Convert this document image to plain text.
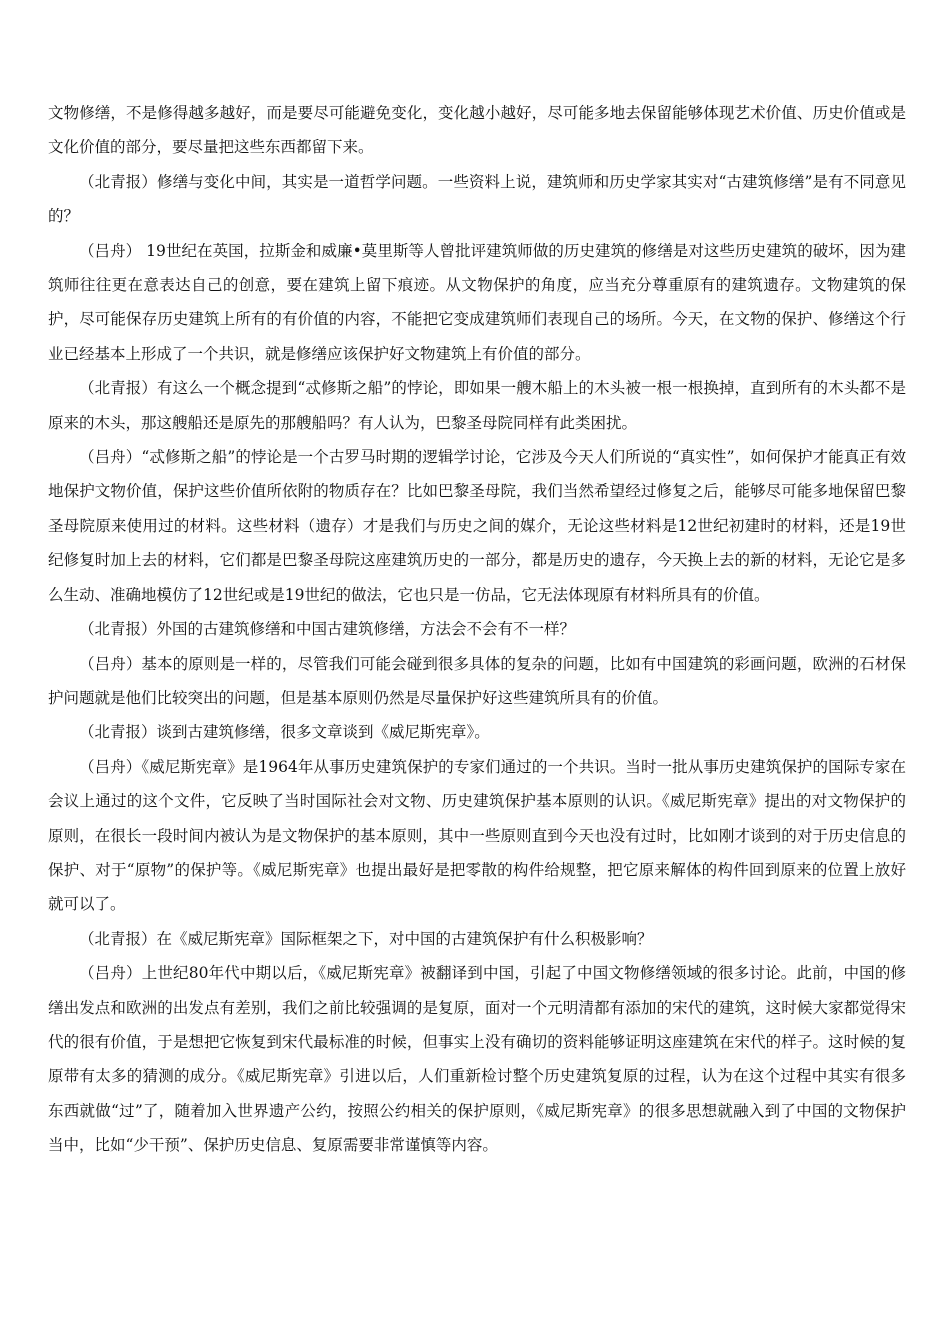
文物修缮，不是修得越多越好，而是要尽可能避免变化，变化越小越好，尽可能多地去保留能够体现艺术价值、历史价值或是文化价值的部分，要尽量把这些东西都留下来。

（北青报）修缮与变化中间，其实是一道哲学问题。一些资料上说，建筑师和历史学家其实对“古建筑修缮”是有不同意见的？

（吕舟） 19世纪在英国，拉斯金和威廉•莫里斯等人曾批评建筑师做的历史建筑的修缮是对这些历史建筑的破坏，因为建筑师往往更在意表达自己的创意，要在建筑上留下痕迹。从文物保护的角度，应当充分尊重原有的建筑遗存。文物建筑的保护，尽可能保存历史建筑上所有的有价值的内容，不能把它变成建筑师们表现自己的场所。今天，在文物的保护、修缮这个行业已经基本上形成了一个共识，就是修缮应该保护好文物建筑上有价值的部分。

（北青报）有这么一个概念提到“忒修斯之船”的悖论，即如果一艘木船上的木头被一根一根换掉，直到所有的木头都不是原来的木头，那这艘船还是原先的那艘船吗？有人认为，巴黎圣母院同样有此类困扰。

（吕舟）“忒修斯之船”的悖论是一个古罗马时期的逻辑学讨论，它涉及今天人们所说的“真实性”，如何保护才能真正有效地保护文物价值，保护这些价值所依附的物质存在？比如巴黎圣母院，我们当然希望经过修复之后，能够尽可能多地保留巴黎圣母院原来使用过的材料。这些材料（遗存）才是我们与历史之间的媒介，无论这些材料是12世纪初建时的材料，还是19世纪修复时加上去的材料，它们都是巴黎圣母院这座建筑历史的一部分，都是历史的遗存，今天换上去的新的材料，无论它是多么生动、准确地模仿了12世纪或是19世纪的做法，它也只是一仿品，它无法体现原有材料所具有的价值。

（北青报）外国的古建筑修缮和中国古建筑修缮，方法会不会有不一样？

（吕舟）基本的原则是一样的，尽管我们可能会碰到很多具体的复杂的问题，比如有中国建筑的彩画问题，欧洲的石材保护问题就是他们比较突出的问题，但是基本原则仍然是尽量保护好这些建筑所具有的价值。

（北青报）谈到古建筑修缮，很多文章谈到《威尼斯宪章》。

（吕舟）《威尼斯宪章》是1964年从事历史建筑保护的专家们通过的一个共识。当时一批从事历史建筑保护的国际专家在会议上通过的这个文件，它反映了当时国际社会对文物、历史建筑保护基本原则的认识。《威尼斯宪章》提出的对文物保护的原则，在很长一段时间内被认为是文物保护的基本原则，其中一些原则直到今天也没有过时，比如刚才谈到的对于历史信息的保护、对于“原物”的保护等。《威尼斯宪章》也提出最好是把零散的构件给规整，把它原来解体的构件回到原来的位置上放好就可以了。

（北青报）在《威尼斯宪章》国际框架之下，对中国的古建筑保护有什么积极影响？

（吕舟）上世纪80年代中期以后，《威尼斯宪章》被翻译到中国，引起了中国文物修缮领域的很多讨论。此前，中国的修缮出发点和欧洲的出发点有差别，我们之前比较强调的是复原，面对一个元明清都有添加的宋代的建筑，这时候大家都觉得宋代的很有价值，于是想把它恢复到宋代最标准的时候，但事实上没有确切的资料能够证明这座建筑在宋代的样子。这时候的复原带有太多的猜测的成分。《威尼斯宪章》引进以后，人们重新检讨整个历史建筑复原的过程，认为在这个过程中其实有很多东西就做“过”了，随着加入世界遗产公约，按照公约相关的保护原则，《威尼斯宪章》的很多思想就融入到了中国的文物保护当中，比如“少干预”、保护历史信息、复原需要非常谨慎等内容。
